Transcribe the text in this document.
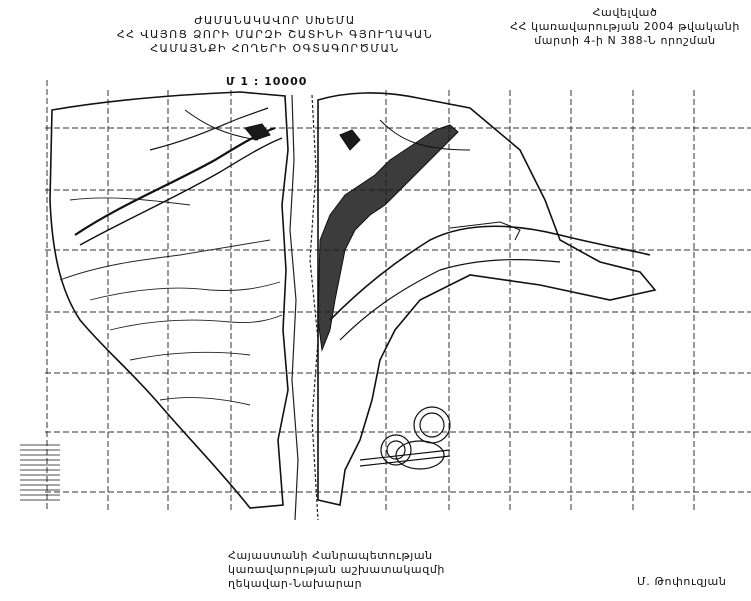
ԺԱՄԱՆԱԿԱՎՈՐ ՍԽԵՄԱ
ՀՀ ՎԱՅՈՑ ՁՈՐԻ ՄԱՐԶԻ ՇԱՏԻՆԻ ԳՅՈՒՂԱԿԱՆ
ՀԱՄԱՅՆՔԻ ՀՈՂԵՐԻ ՕԳՏԱԳՈՐԾՄԱՆ
Հավելված
ՀՀ կառավարության 2004 թվականի
մարտի 4-ի N 388-Ն որոշման
Մ 1 : 10000
Հայաստանի Հանրապետության
կառավարության աշխատակազմի
ղեկավար-Նախարար	Մ. Թոփուզյան
